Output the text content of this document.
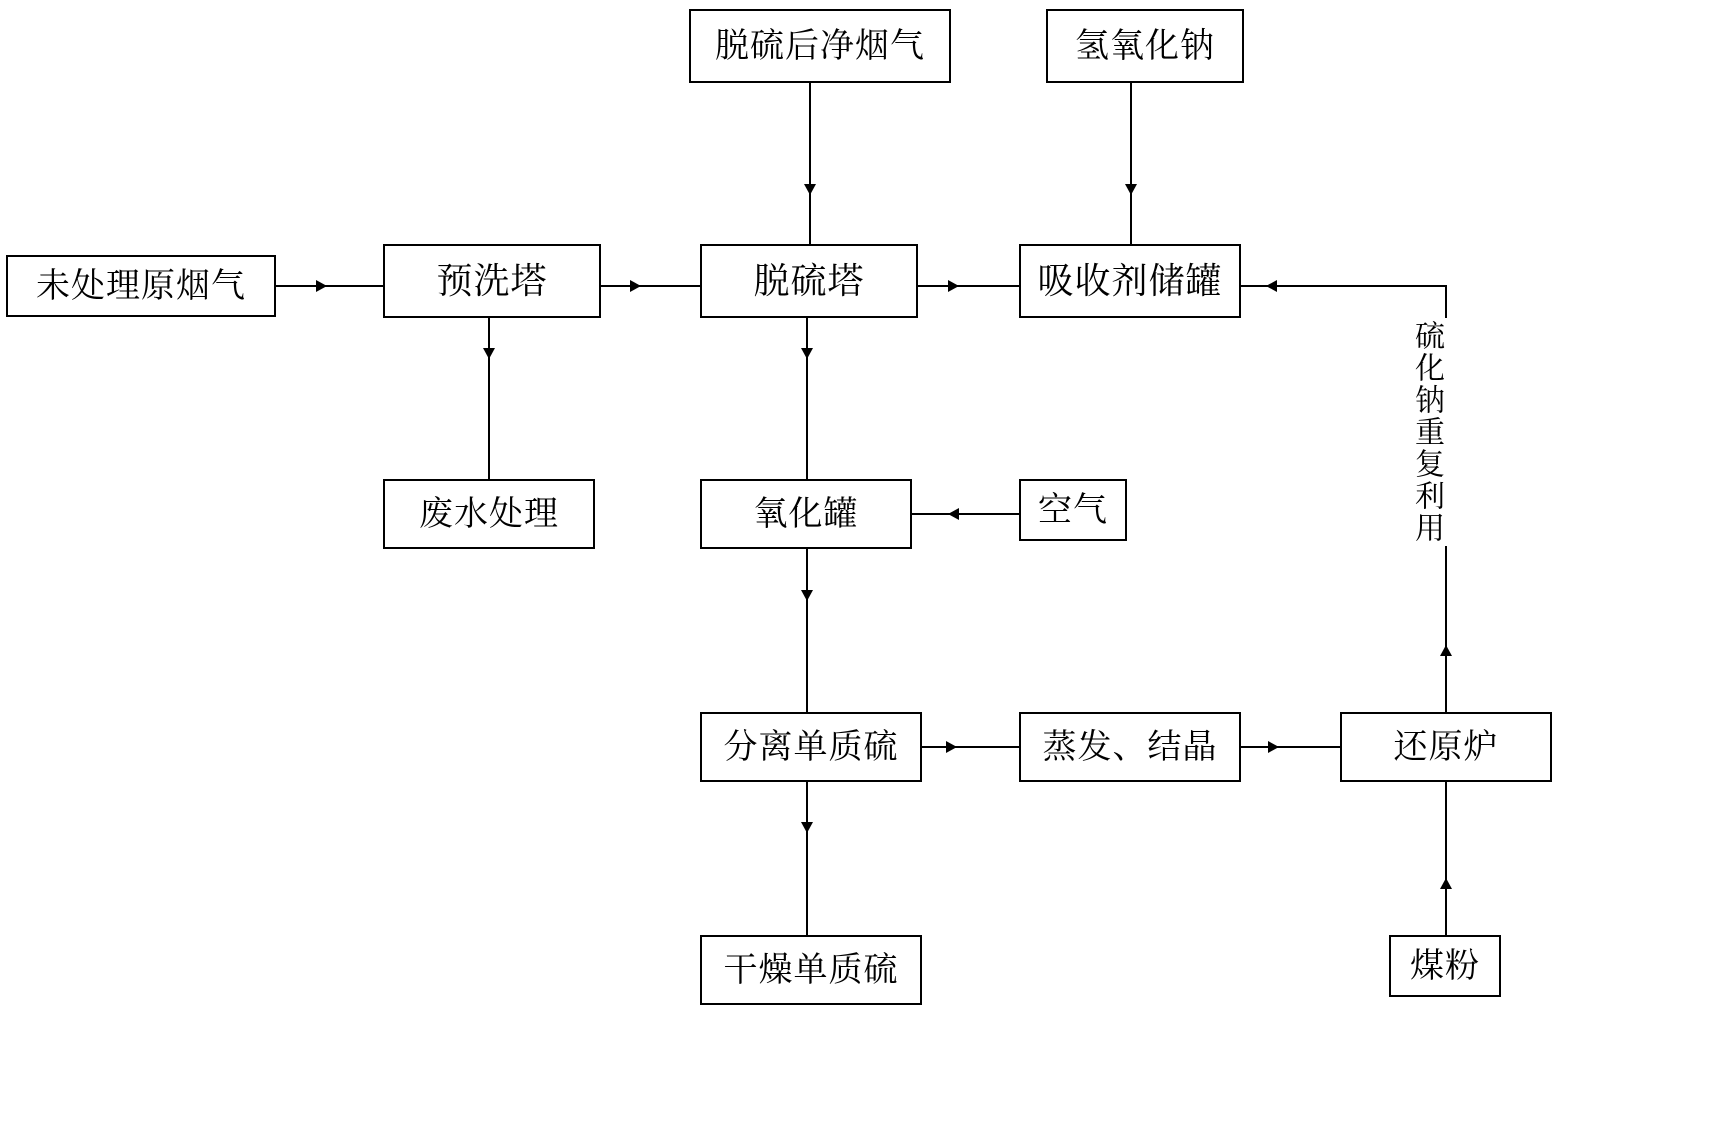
硫化钠重复利用
未处理原烟气	预洗塔	脱硫塔	吸收剂储罐
脱硫后净烟气	氢氧化钠
废水处理	氧化罐	空气
分离单质硫	蒸发、结晶	还原炉
干燥单质硫	煤粉
